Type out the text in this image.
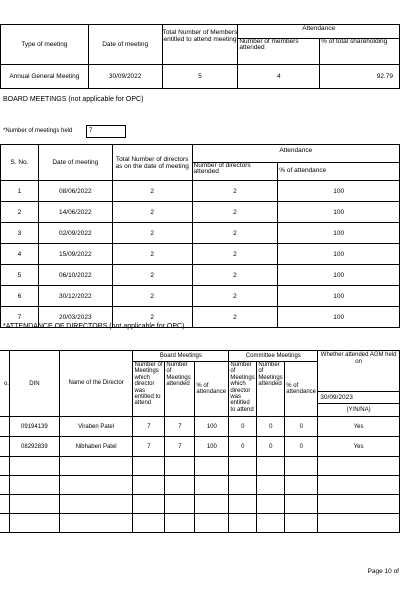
Type of meeting	Date of meeting	Total Number of Members entitled to attend meeting	Attendance	
			Number of members attended	% of total shareholding
Annual General Meeting	30/09/2022	5	4	92.79
BOARD MEETINGS (not applicable for OPC)
*Number of meetings held	7
S. No.	Date of meeting	Total Number of directors as on the date of meeting	Attendance	
			Number of directors attended	% of attendance
1	08/06/2022	2	2	100
2	14/06/2022	2	2	100
3	02/09/2022	2	2	100
4	15/09/2022	2	2	100
5	06/10/2022	2	2	100
6	30/12/2022	2	2	100
7	20/03/2023	2	2	100
*ATTENDANCE OF DIRECTORS (not applicable for OPC)
o.	DIN	Name of the Director	Board Meetings			Committee Meetings			Whether attended AGM held on
			Number of Meetings which director was entitled to attend	Number of Meetings attended	% of attendance	Number of Meetings which director was entitled to attend	Number of Meetings attended	% of attendance	
									30/09/2023
									(Y/N/NA)
	09194139	Viraben Patel	7	7	100	0	0	0	Yes
	08292839	Nibhaben Patel	7	7	100	0	0	0	Yes

Page 10 of
